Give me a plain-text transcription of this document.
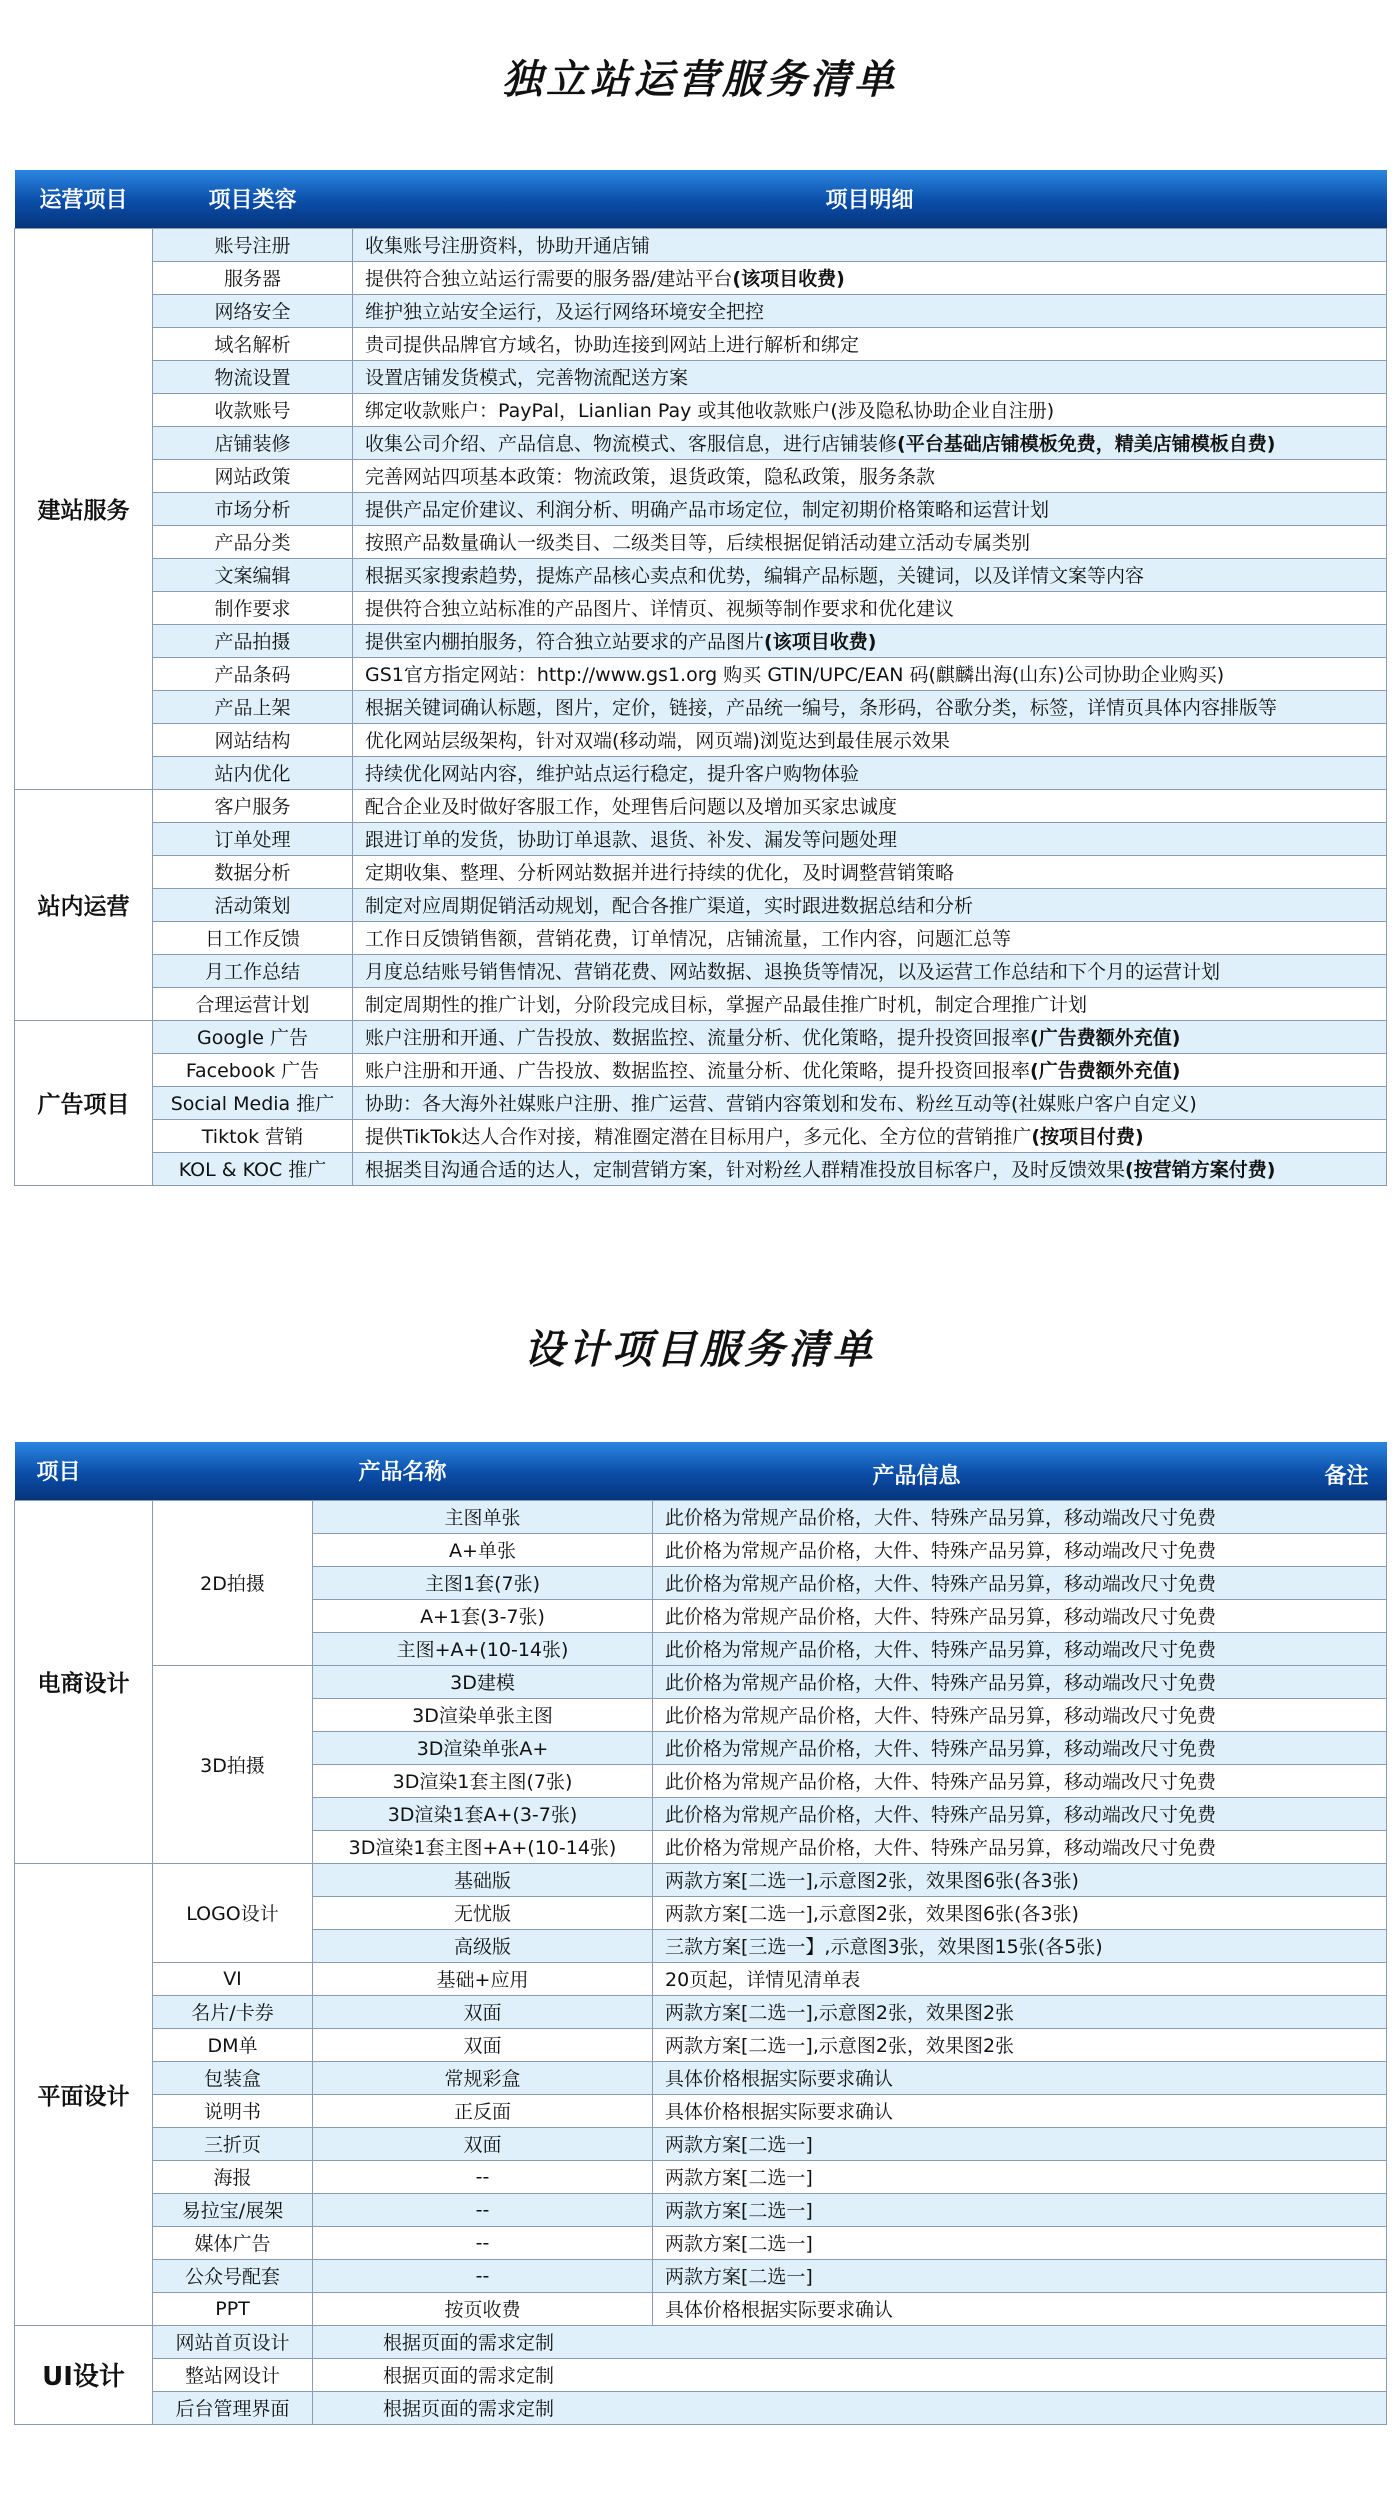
独立站运营服务清单
运营项目	项目类容	项目明细
建站服务	账号注册	收集账号注册资料，协助开通店铺
	服务器	提供符合独立站运行需要的服务器/建站平台(该项目收费)
	网络安全	维护独立站安全运行，及运行网络环境安全把控
	域名解析	贵司提供品牌官方域名，协助连接到网站上进行解析和绑定
	物流设置	设置店铺发货模式，完善物流配送方案
	收款账号	绑定收款账户：PayPal，Lianlian Pay 或其他收款账户(涉及隐私协助企业自注册)
	店铺装修	收集公司介绍、产品信息、物流模式、客服信息，进行店铺装修(平台基础店铺模板免费，精美店铺模板自费)
	网站政策	完善网站四项基本政策：物流政策，退货政策，隐私政策，服务条款
	市场分析	提供产品定价建议、利润分析、明确产品市场定位，制定初期价格策略和运营计划
	产品分类	按照产品数量确认一级类目、二级类目等，后续根据促销活动建立活动专属类别
	文案编辑	根据买家搜索趋势，提炼产品核心卖点和优势，编辑产品标题，关键词，以及详情文案等内容
	制作要求	提供符合独立站标准的产品图片、详情页、视频等制作要求和优化建议
	产品拍摄	提供室内棚拍服务，符合独立站要求的产品图片(该项目收费)
	产品条码	GS1官方指定网站：http://www.gs1.org 购买 GTIN/UPC/EAN 码(麒麟出海(山东)公司协助企业购买)
	产品上架	根据关键词确认标题，图片，定价，链接，产品统一编号，条形码，谷歌分类，标签，详情页具体内容排版等
	网站结构	优化网站层级架构，针对双端(移动端，网页端)浏览达到最佳展示效果
	站内优化	持续优化网站内容，维护站点运行稳定，提升客户购物体验
站内运营	客户服务	配合企业及时做好客服工作，处理售后问题以及增加买家忠诚度
	订单处理	跟进订单的发货，协助订单退款、退货、补发、漏发等问题处理
	数据分析	定期收集、整理、分析网站数据并进行持续的优化，及时调整营销策略
	活动策划	制定对应周期促销活动规划，配合各推广渠道，实时跟进数据总结和分析
	日工作反馈	工作日反馈销售额，营销花费，订单情况，店铺流量，工作内容，问题汇总等
	月工作总结	月度总结账号销售情况、营销花费、网站数据、退换货等情况，以及运营工作总结和下个月的运营计划
	合理运营计划	制定周期性的推广计划，分阶段完成目标，掌握产品最佳推广时机，制定合理推广计划
广告项目	Google 广告	账户注册和开通、广告投放、数据监控、流量分析、优化策略，提升投资回报率(广告费额外充值)
	Facebook 广告	账户注册和开通、广告投放、数据监控、流量分析、优化策略，提升投资回报率(广告费额外充值)
	Social Media 推广	协助：各大海外社媒账户注册、推广运营、营销内容策划和发布、粉丝互动等(社媒账户客户自定义)
	Tiktok 营销	提供TikTok达人合作对接，精准圈定潜在目标用户，多元化、全方位的营销推广(按项目付费)
	KOL & KOC 推广	根据类目沟通合适的达人，定制营销方案，针对粉丝人群精准投放目标客户，及时反馈效果(按营销方案付费)
设计项目服务清单
项目	产品名称		产品信息 备注

电商设计	2D拍摄	主图单张	此价格为常规产品价格，大件、特殊产品另算，移动端改尺寸免费
		A+单张	此价格为常规产品价格，大件、特殊产品另算，移动端改尺寸免费
		主图1套(7张)	此价格为常规产品价格，大件、特殊产品另算，移动端改尺寸免费
		A+1套(3-7张)	此价格为常规产品价格，大件、特殊产品另算，移动端改尺寸免费
		主图+A+(10-14张)	此价格为常规产品价格，大件、特殊产品另算，移动端改尺寸免费
	3D拍摄	3D建模	此价格为常规产品价格，大件、特殊产品另算，移动端改尺寸免费
		3D渲染单张主图	此价格为常规产品价格，大件、特殊产品另算，移动端改尺寸免费
		3D渲染单张A+	此价格为常规产品价格，大件、特殊产品另算，移动端改尺寸免费
		3D渲染1套主图(7张)	此价格为常规产品价格，大件、特殊产品另算，移动端改尺寸免费
		3D渲染1套A+(3-7张)	此价格为常规产品价格，大件、特殊产品另算，移动端改尺寸免费
		3D渲染1套主图+A+(10-14张)	此价格为常规产品价格，大件、特殊产品另算，移动端改尺寸免费
平面设计	LOGO设计	基础版	两款方案[二选一],示意图2张，效果图6张(各3张)
		无忧版	两款方案[二选一],示意图2张，效果图6张(各3张)
		高级版	三款方案[三选一】,示意图3张，效果图15张(各5张)
	VI	基础+应用	20页起，详情见清单表
	名片/卡券	双面	两款方案[二选一],示意图2张，效果图2张
	DM单	双面	两款方案[二选一],示意图2张，效果图2张
	包装盒	常规彩盒	具体价格根据实际要求确认
	说明书	正反面	具体价格根据实际要求确认
	三折页	双面	两款方案[二选一]
	海报	--	两款方案[二选一]
	易拉宝/展架	--	两款方案[二选一]
	媒体广告	--	两款方案[二选一]
	公众号配套	--	两款方案[二选一]
	PPT	按页收费	具体价格根据实际要求确认
UI设计	网站首页设计	根据页面的需求定制	
	整站网设计	根据页面的需求定制	
	后台管理界面	根据页面的需求定制	
